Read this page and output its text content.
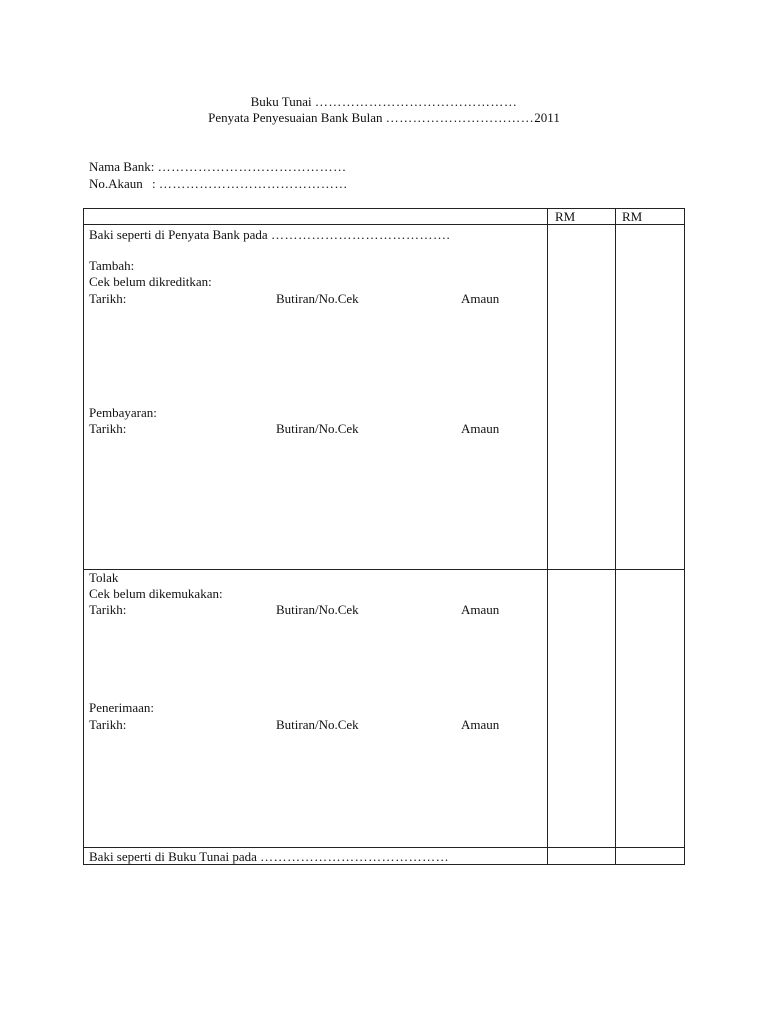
Buku Tunai ………………………………………
Penyata Penyesuaian Bank Bulan ……………………………2011
Nama Bank: ……………………………………
No.Akaun : ……………………………………
RM	RM
Baki seperti di Penyata Bank pada ………………………………….
Tambah:
Cek belum dikreditkan:
Tarikh:	Butiran/No.Cek	Amaun
Pembayaran:
Tarikh:	Butiran/No.Cek	Amaun
Tolak
Cek belum dikemukakan:
Tarikh:	Butiran/No.Cek	Amaun
Penerimaan:
Tarikh:	Butiran/No.Cek	Amaun
Baki seperti di Buku Tunai pada ……………………………………
